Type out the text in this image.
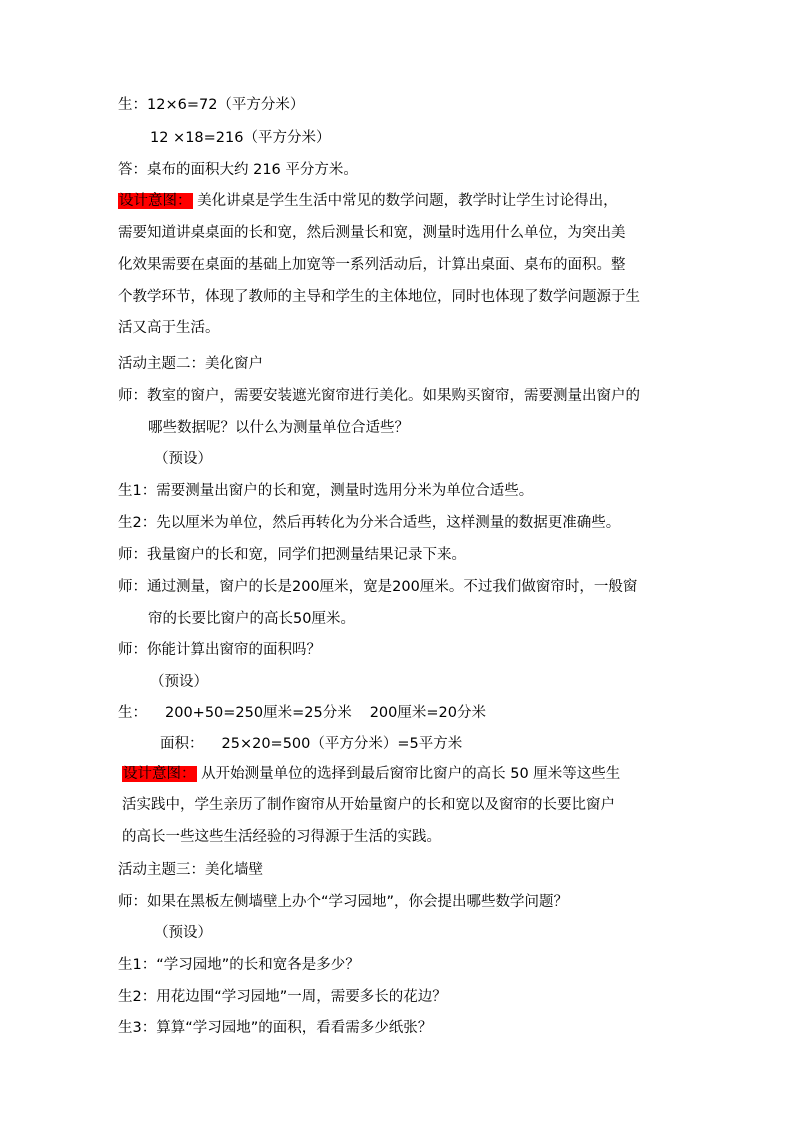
生：12×6=72（平方分米）
12 ×18=216（平方分米）
答：桌布的面积大约 216 平分方米。
设计意图： 美化讲桌是学生生活中常见的数学问题，教学时让学生讨论得出，
需要知道讲桌桌面的长和宽，然后测量长和宽，测量时选用什么单位，为突出美
化效果需要在桌面的基础上加宽等一系列活动后，计算出桌面、桌布的面积。整
个教学环节，体现了教师的主导和学生的主体地位，同时也体现了数学问题源于生
活又高于生活。
活动主题二：美化窗户
师：教室的窗户，需要安装遮光窗帘进行美化。如果购买窗帘，需要测量出窗户的
哪些数据呢？以什么为测量单位合适些？
（预设）
生1：需要测量出窗户的长和宽，测量时选用分米为单位合适些。
生2：先以厘米为单位，然后再转化为分米合适些，这样测量的数据更准确些。
师：我量窗户的长和宽，同学们把测量结果记录下来。
师：通过测量，窗户的长是200厘米，宽是200厘米。不过我们做窗帘时，一般窗
帘的长要比窗户的高长50厘米。
师：你能计算出窗帘的面积吗？
（预设）
生： 200+50=250厘米=25分米 200厘米=20分米
面积： 25×20=500（平方分米）=5平方米
设计意图： 从开始测量单位的选择到最后窗帘比窗户的高长 50 厘米等这些生
活实践中，学生亲历了制作窗帘从开始量窗户的长和宽以及窗帘的长要比窗户
的高长一些这些生活经验的习得源于生活的实践。
活动主题三：美化墙壁
师：如果在黑板左侧墙壁上办个“学习园地”，你会提出哪些数学问题？
（预设）
生1：“学习园地”的长和宽各是多少？
生2：用花边围“学习园地”一周，需要多长的花边？
生3：算算“学习园地”的面积，看看需多少纸张？
